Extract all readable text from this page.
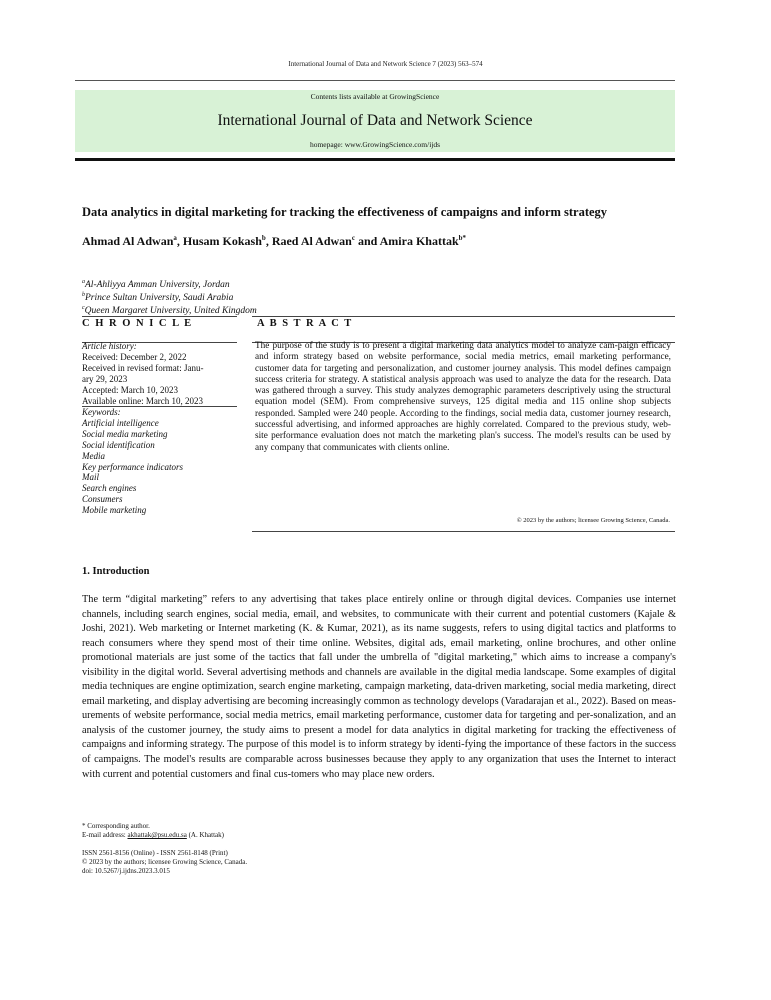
International Journal of Data and Network Science 7 (2023) 563–574
Contents lists available at GrowingScience
International Journal of Data and Network Science
homepage: www.GrowingScience.com/ijds
Data analytics in digital marketing for tracking the effectiveness of campaigns and inform strategy
Ahmad Al Adwan$^a$, Husam Kokash$^b$, Raed Al Adwan$^c$ and Amira Khattak$^{b*}$
$^a$Al-Ahliyya Amman University, Jordan
$^b$Prince Sultan University, Saudi Arabia
$^c$Queen Margaret University, United Kingdom
C H R O N I C L E	A B S T R A C T
Article history:
Received: December 2, 2022
Received in revised format: Janu-
ary 29, 2023
Accepted: March 10, 2023
Available online: March 10, 2023
Keywords:
Artificial intelligence
Social media marketing
Social identification
Media
Key performance indicators
Mail
Search engines
Consumers
Mobile marketing
The purpose of the study is to present a digital marketing data analytics model to analyze cam-paign efficacy and inform strategy based on website performance, social media metrics, email marketing performance, customer data for targeting and personalization, and customer journey analysis. This model defines campaign success criteria for strategy. A statistical analysis approach was used to analyze the data for the research. Data was gathered through a survey. This study analyzes demographic parameters descriptively using the structural equation model (SEM). From comprehensive surveys, 125 digital media and 115 online shop subjects responded. Sampled were 240 people. According to the findings, social media data, customer journey research, successful advertising, and informed approaches are highly correlated. Compared to the previous study, web-site performance evaluation does not match the marketing plan's success. The model's results can be used by any company that communicates with clients online.
© 2023 by the authors; licensee Growing Science, Canada.
1. Introduction
The term “digital marketing” refers to any advertising that takes place entirely online or through digital devices. Companies use internet channels, including search engines, social media, email, and websites, to communicate with their current and potential customers (Kajale & Joshi, 2021). Web marketing or Internet marketing (K. & Kumar, 2021), as its name suggests, refers to using digital tactics and platforms to reach consumers where they spend most of their time online. Websites, digital ads, email marketing, online brochures, and other online promotional materials are just some of the tactics that fall under the umbrella of "digital marketing," which aims to increase a company's visibility in the digital world. Several advertising methods and channels are available in the digital media landscape. Some examples of digital media techniques are engine optimization, search engine marketing, campaign marketing, data-driven marketing, social media marketing, direct email marketing, and display advertising are becoming increasingly common as technology develops (Varadarajan et al., 2022). Based on meas-urements of website performance, social media metrics, email marketing performance, customer data for targeting and per-sonalization, and an analysis of the customer journey, the study aims to present a model for data analytics in digital marketing for tracking the effectiveness of campaigns and informing strategy. The purpose of this model is to inform strategy by identi-fying the importance of these factors in the success of campaigns. The model's results are comparable across businesses because they apply to any organization that uses the Internet to interact with current and potential customers and final cus-tomers who may place new orders.
* Corresponding author.
E-mail address: akhattak@psu.edu.sa (A. Khattak)
ISSN 2561-8156 (Online) - ISSN 2561-8148 (Print)
© 2023 by the authors; licensee Growing Science, Canada.
doi: 10.5267/j.ijdns.2023.3.015
